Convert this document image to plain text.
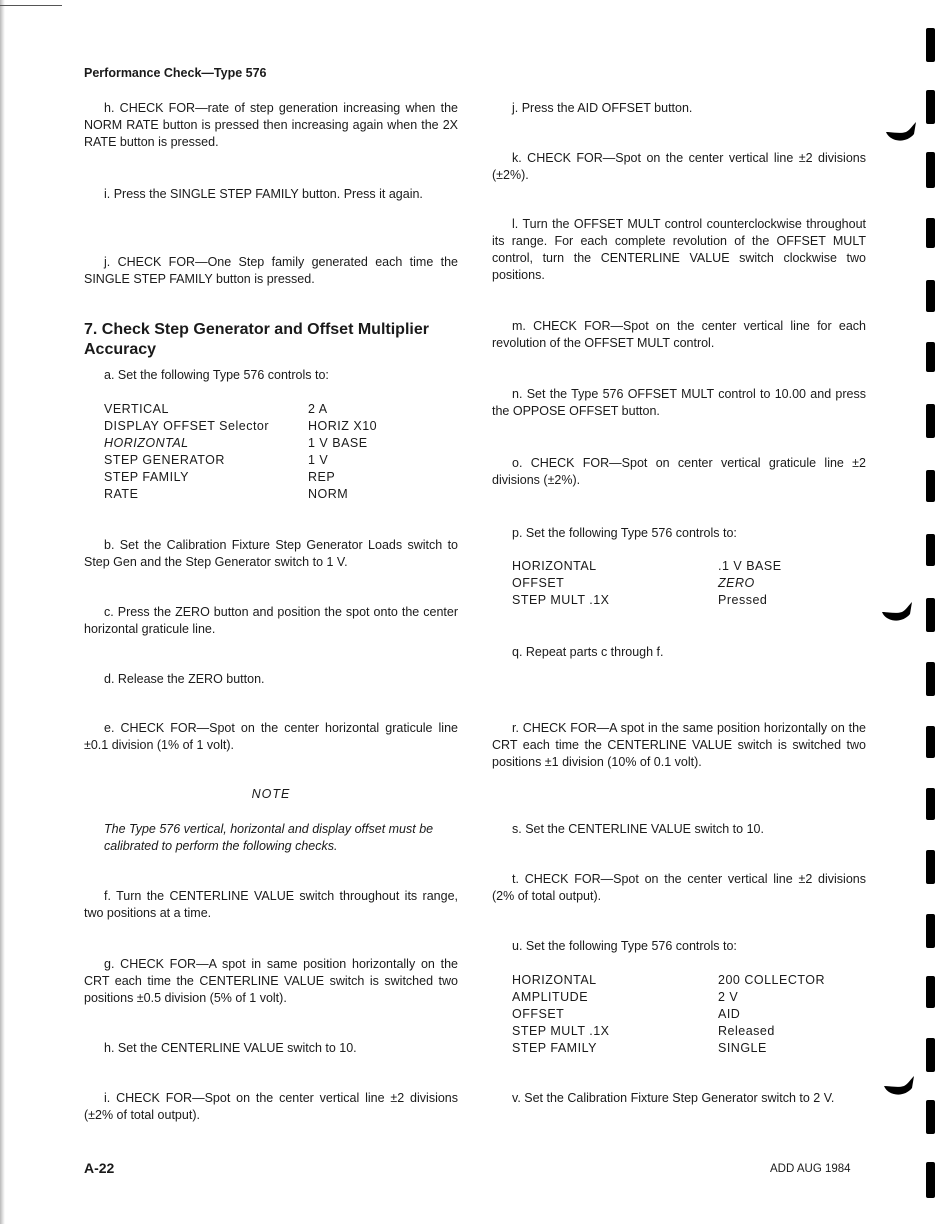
Performance Check—Type 576
h. CHECK FOR—rate of step generation increasing when the NORM RATE button is pressed then increasing again when the 2X RATE button is pressed.
i. Press the SINGLE STEP FAMILY button. Press it again.
j. CHECK FOR—One Step family generated each time the SINGLE STEP FAMILY button is pressed.
7. Check Step Generator and Offset Multiplier Accuracy
a. Set the following Type 576 controls to:
VERTICAL	2 A
DISPLAY OFFSET Selector	HORIZ X10
HORIZONTAL	1 V BASE
STEP GENERATOR	1 V
STEP FAMILY	REP
RATE	NORM
b. Set the Calibration Fixture Step Generator Loads switch to Step Gen and the Step Generator switch to 1 V.
c. Press the ZERO button and position the spot onto the center horizontal graticule line.
d. Release the ZERO button.
e. CHECK FOR—Spot on the center horizontal graticule line ±0.1 division (1% of 1 volt).
NOTE
The Type 576 vertical, horizontal and display offset must be calibrated to perform the following checks.
f. Turn the CENTERLINE VALUE switch throughout its range, two positions at a time.
g. CHECK FOR—A spot in same position horizontally on the CRT each time the CENTERLINE VALUE switch is switched two positions ±0.5 division (5% of 1 volt).
h. Set the CENTERLINE VALUE switch to 10.
i. CHECK FOR—Spot on the center vertical line ±2 divisions (±2% of total output).
j. Press the AID OFFSET button.
k. CHECK FOR—Spot on the center vertical line ±2 divisions (±2%).
l. Turn the OFFSET MULT control counterclockwise throughout its range. For each complete revolution of the OFFSET MULT control, turn the CENTERLINE VALUE switch clockwise two positions.
m. CHECK FOR—Spot on the center vertical line for each revolution of the OFFSET MULT control.
n. Set the Type 576 OFFSET MULT control to 10.00 and press the OPPOSE OFFSET button.
o. CHECK FOR—Spot on center vertical graticule line ±2 divisions (±2%).
p. Set the following Type 576 controls to:
HORIZONTAL	.1 V BASE
OFFSET	ZERO
STEP MULT .1X	Pressed
q. Repeat parts c through f.
r. CHECK FOR—A spot in the same position horizontally on the CRT each time the CENTERLINE VALUE switch is switched two positions ±1 division (10% of 0.1 volt).
s. Set the CENTERLINE VALUE switch to 10.
t. CHECK FOR—Spot on the center vertical line ±2 divisions (2% of total output).
u. Set the following Type 576 controls to:
HORIZONTAL	200 COLLECTOR
AMPLITUDE	2 V
OFFSET	AID
STEP MULT .1X	Released
STEP FAMILY	SINGLE
v. Set the Calibration Fixture Step Generator switch to 2 V.
A-22	ADD AUG 1984
